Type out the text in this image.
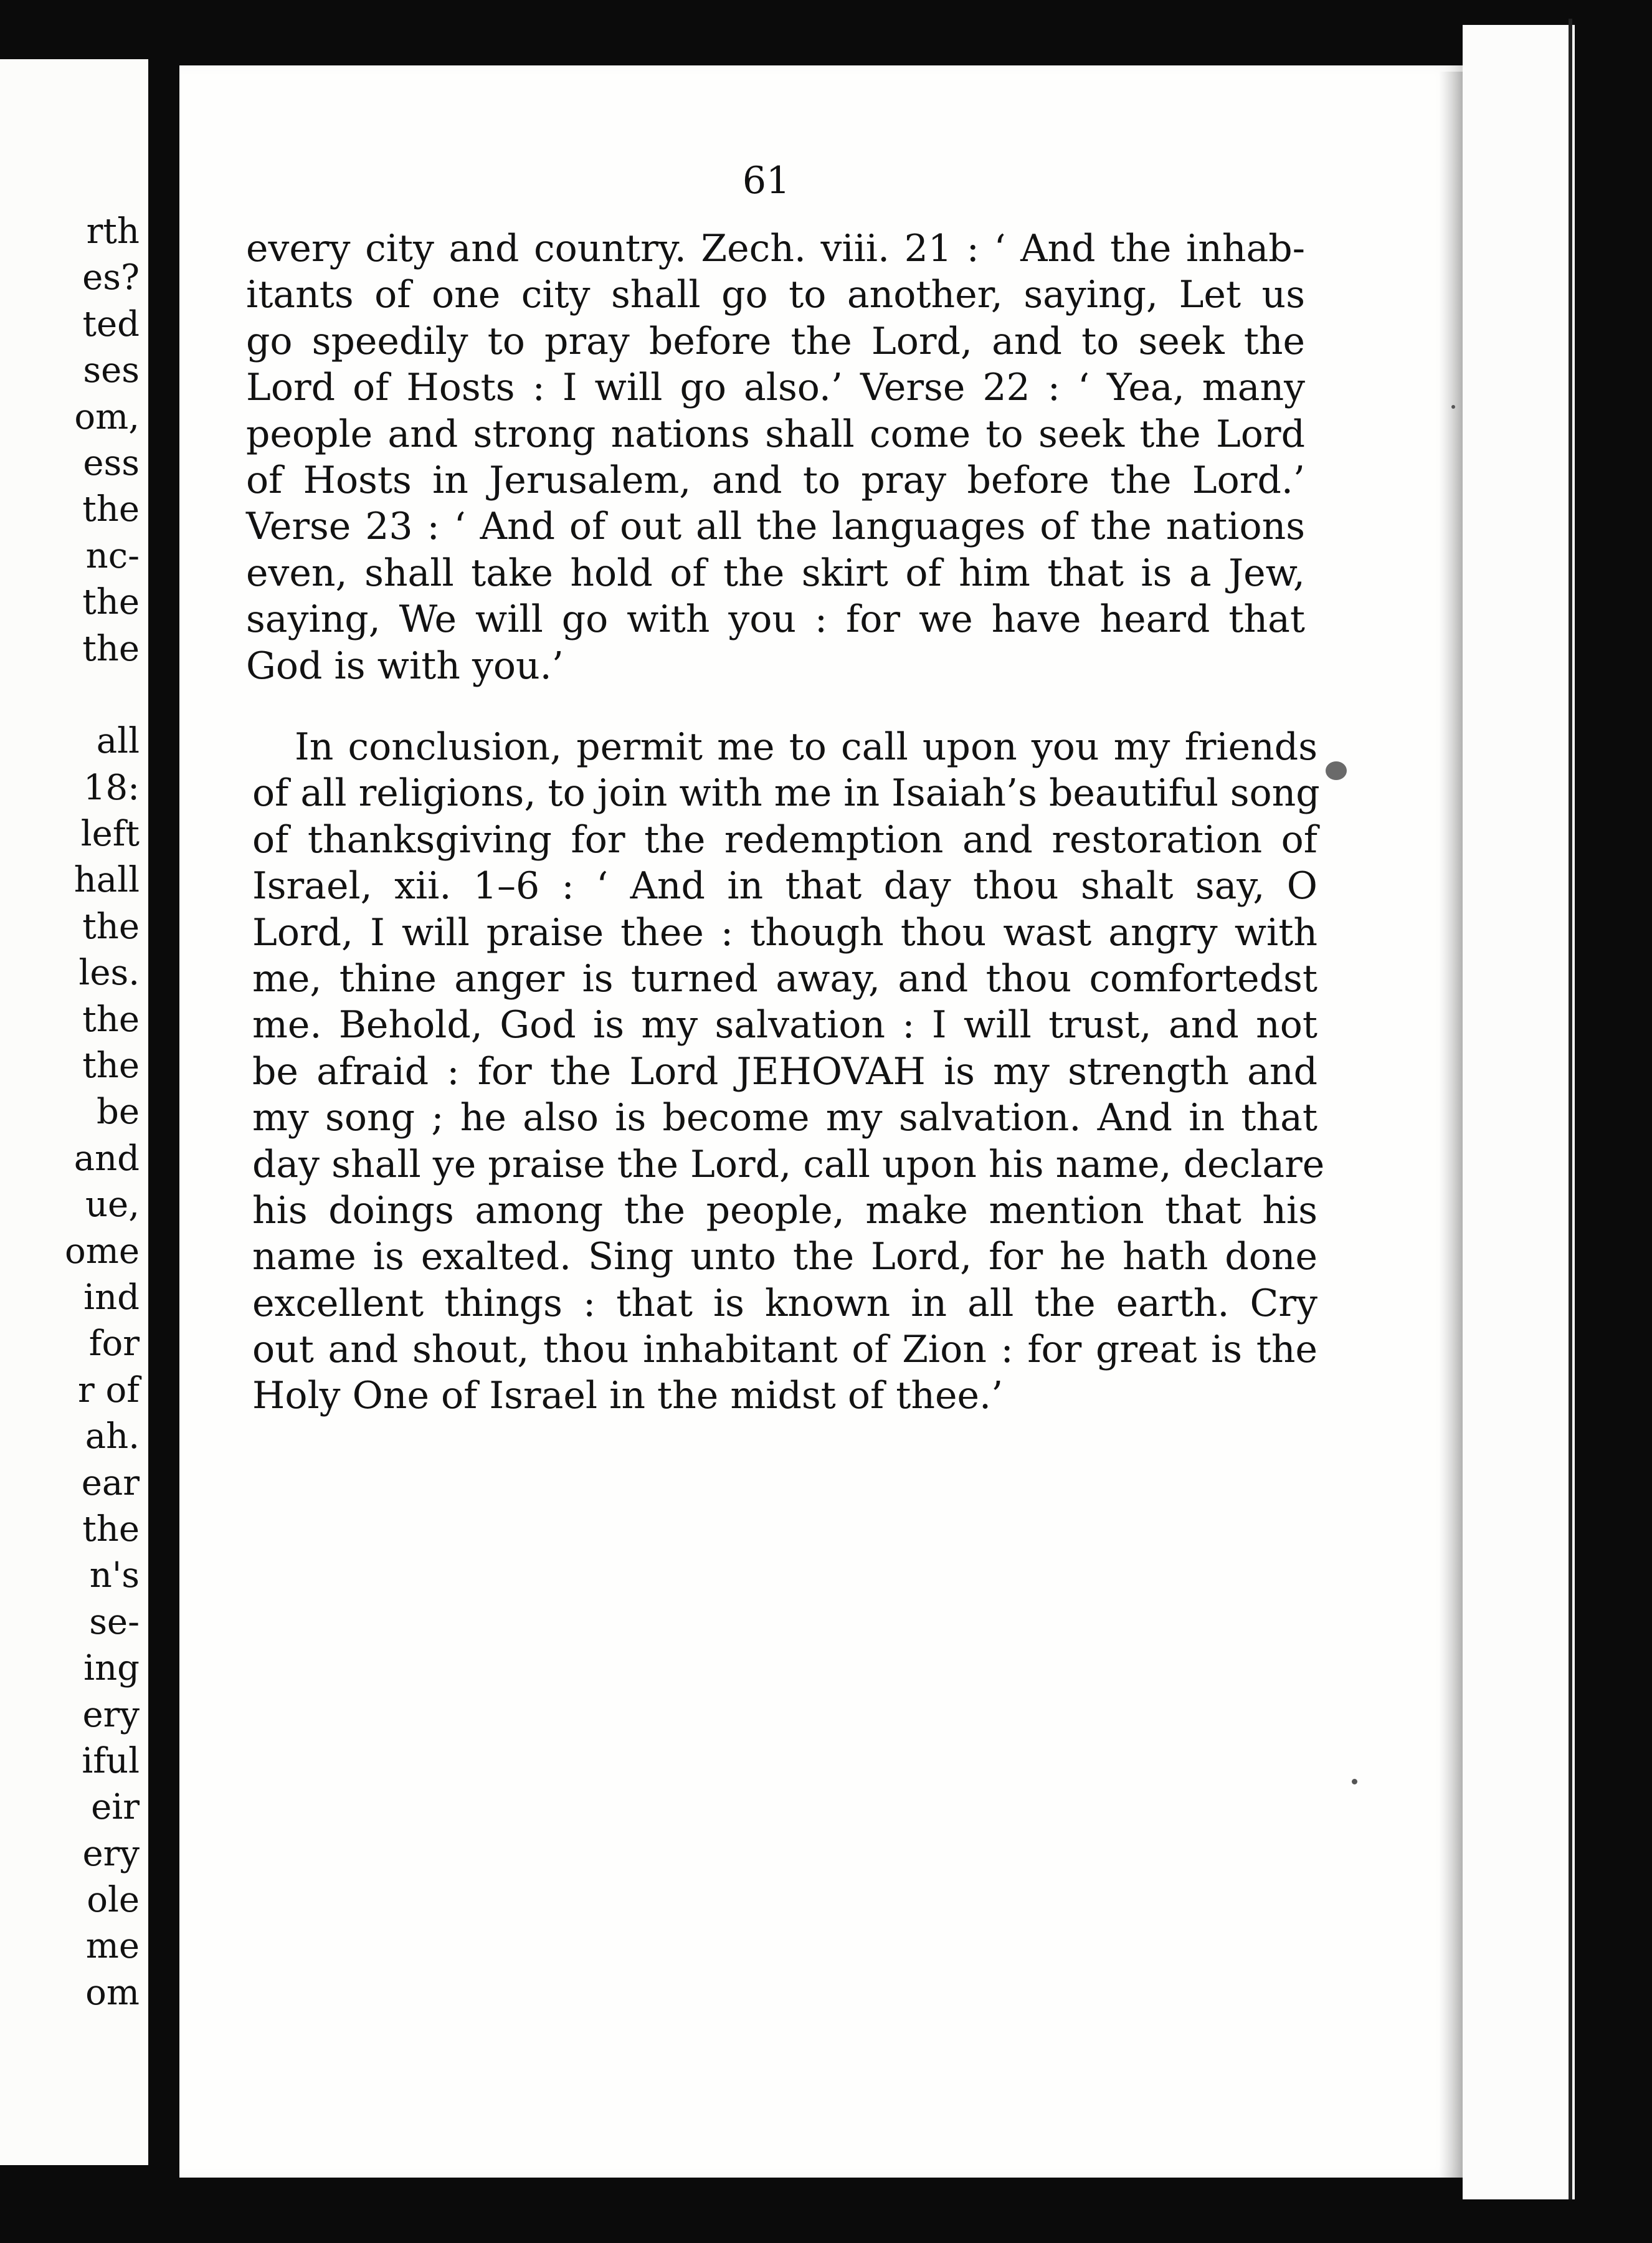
rth
es?
ted
ses
om,
ess
the
nc-
the
the
all
18:
left
hall
the
les.
the
the
be
and
ue,
ome
ind
for
r of
ah.
ear
the
n's
se-
ing
ery
iful
eir
ery
ole
me
om

61

every city and country. Zech. viii. 21 : ‘ And the inhab-
itants of one city shall go to another, saying, Let us
go speedily to pray before the Lord, and to seek the
Lord of Hosts : I will go also.’ Verse 22 : ‘ Yea, many
people and strong nations shall come to seek the Lord
of Hosts in Jerusalem, and to pray before the Lord.’
Verse 23 : ‘ And of out all the languages of the nations
even, shall take hold of the skirt of him that is a Jew,
saying, We will go with you : for we have heard that
God is with you.’
In conclusion, permit me to call upon you my friends
of all religions, to join with me in Isaiah’s beautiful song
of thanksgiving for the redemption and restoration of
Israel, xii. 1–6 : ‘ And in that day thou shalt say, O
Lord, I will praise thee : though thou wast angry with
me, thine anger is turned away, and thou comfortedst
me. Behold, God is my salvation : I will trust, and not
be afraid : for the Lord JEHOVAH is my strength and
my song ; he also is become my salvation. And in that
day shall ye praise the Lord, call upon his name, declare
his doings among the people, make mention that his
name is exalted. Sing unto the Lord, for he hath done
excellent things : that is known in all the earth. Cry
out and shout, thou inhabitant of Zion : for great is the
Holy One of Israel in the midst of thee.’
